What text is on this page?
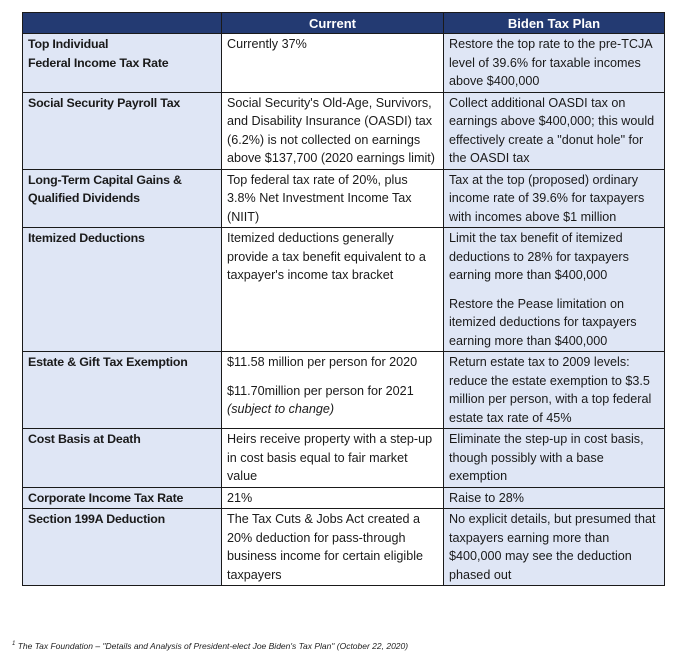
	Current	Biden Tax Plan

Top Individual
Federal Income Tax Rate	Currently 37%	Restore the top rate to the pre-TCJA level of 39.6% for taxable incomes above $400,000

Social Security Payroll Tax	Social Security's Old-Age, Survivors, and Disability Insurance (OASDI) tax (6.2%) is not collected on earnings above $137,700 (2020 earnings limit)	Collect additional OASDI tax on earnings above $400,000; this would effectively create a "donut hole" for the OASDI tax

Long-Term Capital Gains &
Qualified Dividends	Top federal tax rate of 20%, plus 3.8% Net Investment Income Tax (NIIT)	Tax at the top (proposed) ordinary income rate of 39.6% for taxpayers with incomes above $1 million

Itemized Deductions	Itemized deductions generally provide a tax benefit equivalent to a taxpayer's income tax bracket	Limit the tax benefit of itemized deductions to 28% for taxpayers earning more than $400,000
Restore the Pease limitation on itemized deductions for taxpayers earning more than $400,000

Estate & Gift Tax Exemption	$11.58 million per person for 2020
$11.70million per person for 2021
(subject to change)	Return estate tax to 2009 levels: reduce the estate exemption to $3.5 million per person, with a top federal estate tax rate of 45%

Cost Basis at Death	Heirs receive property with a step-up in cost basis equal to fair market value	Eliminate the step-up in cost basis, though possibly with a base exemption

Corporate Income Tax Rate	21%	Raise to 28%

Section 199A Deduction	The Tax Cuts & Jobs Act created a 20% deduction for pass-through business income for certain eligible taxpayers	No explicit details, but presumed that taxpayers earning more than $400,000 may see the deduction phased out
$^1$ The Tax Foundation – "Details and Analysis of President-elect Joe Biden's Tax Plan" (October 22, 2020)
